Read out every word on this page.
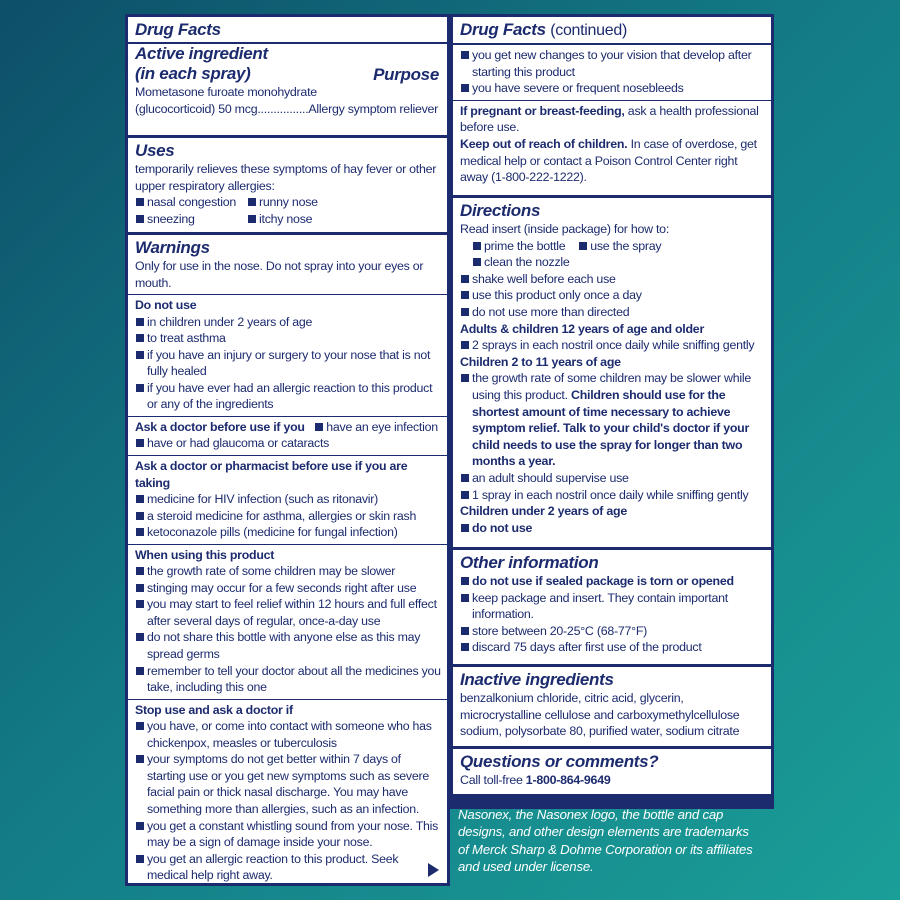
Drug Facts
Active ingredient
(in each spray)	Purpose
Mometasone furoate monohydrate
(glucocorticoid) 50 mcg................Allergy symptom reliever
Uses
temporarily relieves these symptoms of hay fever or other upper respiratory allergies:
nasal congestion	runny nose
sneezing	itchy nose
Warnings
Only for use in the nose. Do not spray into your eyes or mouth.
Do not use
in children under 2 years of age
to treat asthma
if you have an injury or surgery to your nose that is not fully healed
if you have ever had an allergic reaction to this product or any of the ingredients
Ask a doctor before use if you have an eye infection
have or had glaucoma or cataracts
Ask a doctor or pharmacist before use if you are taking
medicine for HIV infection (such as ritonavir)
a steroid medicine for asthma, allergies or skin rash
ketoconazole pills (medicine for fungal infection)
When using this product
the growth rate of some children may be slower
stinging may occur for a few seconds right after use
you may start to feel relief within 12 hours and full effect after several days of regular, once-a-day use
do not share this bottle with anyone else as this may spread germs
remember to tell your doctor about all the medicines you take, including this one
Stop use and ask a doctor if
you have, or come into contact with someone who has chickenpox, measles or tuberculosis
your symptoms do not get better within 7 days of starting use or you get new symptoms such as severe facial pain or thick nasal discharge. You may have something more than allergies, such as an infection.
you get a constant whistling sound from your nose. This may be a sign of damage inside your nose.
you get an allergic reaction to this product. Seek medical help right away.
Drug Facts (continued)
you get new changes to your vision that develop after starting this product
you have severe or frequent nosebleeds
If pregnant or breast-feeding, ask a health professional before use.
Keep out of reach of children. In case of overdose, get medical help or contact a Poison Control Center right away (1-800-222-1222).
Directions
Read insert (inside package) for how to:
prime the bottle use the spray
clean the nozzle
shake well before each use
use this product only once a day
do not use more than directed
Adults & children 12 years of age and older
2 sprays in each nostril once daily while sniffing gently
Children 2 to 11 years of age
the growth rate of some children may be slower while using this product. Children should use for the shortest amount of time necessary to achieve symptom relief. Talk to your child's doctor if your child needs to use the spray for longer than two months a year.
an adult should supervise use
1 spray in each nostril once daily while sniffing gently
Children under 2 years of age
do not use
Other information
do not use if sealed package is torn or opened
keep package and insert. They contain important information.
store between 20-25°C (68-77°F)
discard 75 days after first use of the product
Inactive ingredients
benzalkonium chloride, citric acid, glycerin, microcrystalline cellulose and carboxymethylcellulose sodium, polysorbate 80, purified water, sodium citrate
Questions or comments?
Call toll-free 1-800-864-9649
Nasonex, the Nasonex logo, the bottle and cap designs, and other design elements are trademarks of Merck Sharp & Dohme Corporation or its affiliates and used under license.
